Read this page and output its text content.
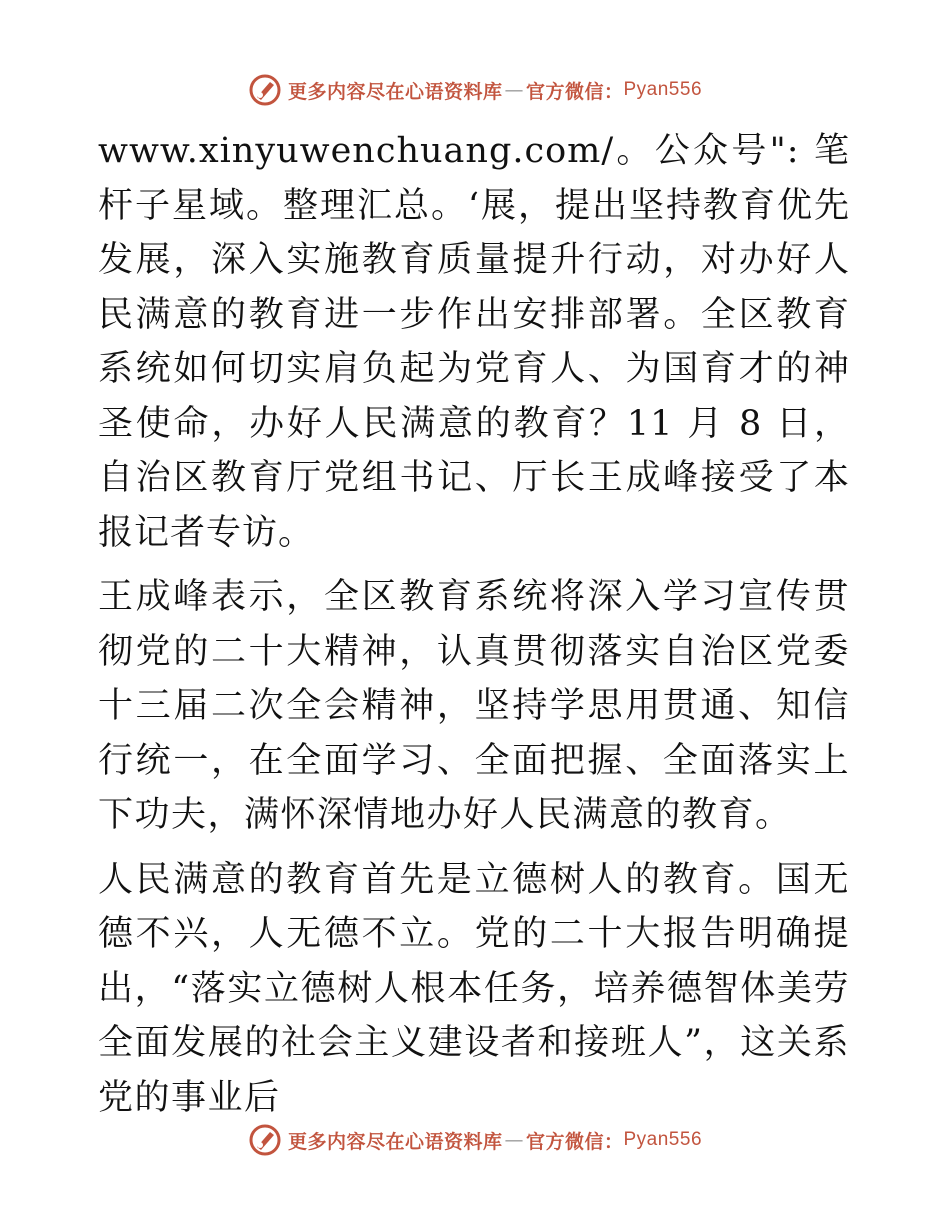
更多内容尽在心语资料库 — 官方微信： Pyan556

www.xinyuwenchuang.com/。公众号": 笔杆子星域。整理汇总。‘展，提出坚持教育优先发展，深入实施教育质量提升行动，对办好人民满意的教育进一步作出安排部署。全区教育系统如何切实肩负起为党育人、为国育才的神圣使命，办好人民满意的教育？11 月 8 日，自治区教育厅党组书记、厅长王成峰接受了本报记者专访。

王成峰表示，全区教育系统将深入学习宣传贯彻党的二十大精神，认真贯彻落实自治区党委十三届二次全会精神，坚持学思用贯通、知信行统一，在全面学习、全面把握、全面落实上下功夫，满怀深情地办好人民满意的教育。

人民满意的教育首先是立德树人的教育。国无德不兴，人无德不立。党的二十大报告明确提出，“落实立德树人根本任务，培养德智体美劳全面发展的社会主义建设者和接班人”，这关系党的事业后

更多内容尽在心语资料库 — 官方微信： Pyan556
